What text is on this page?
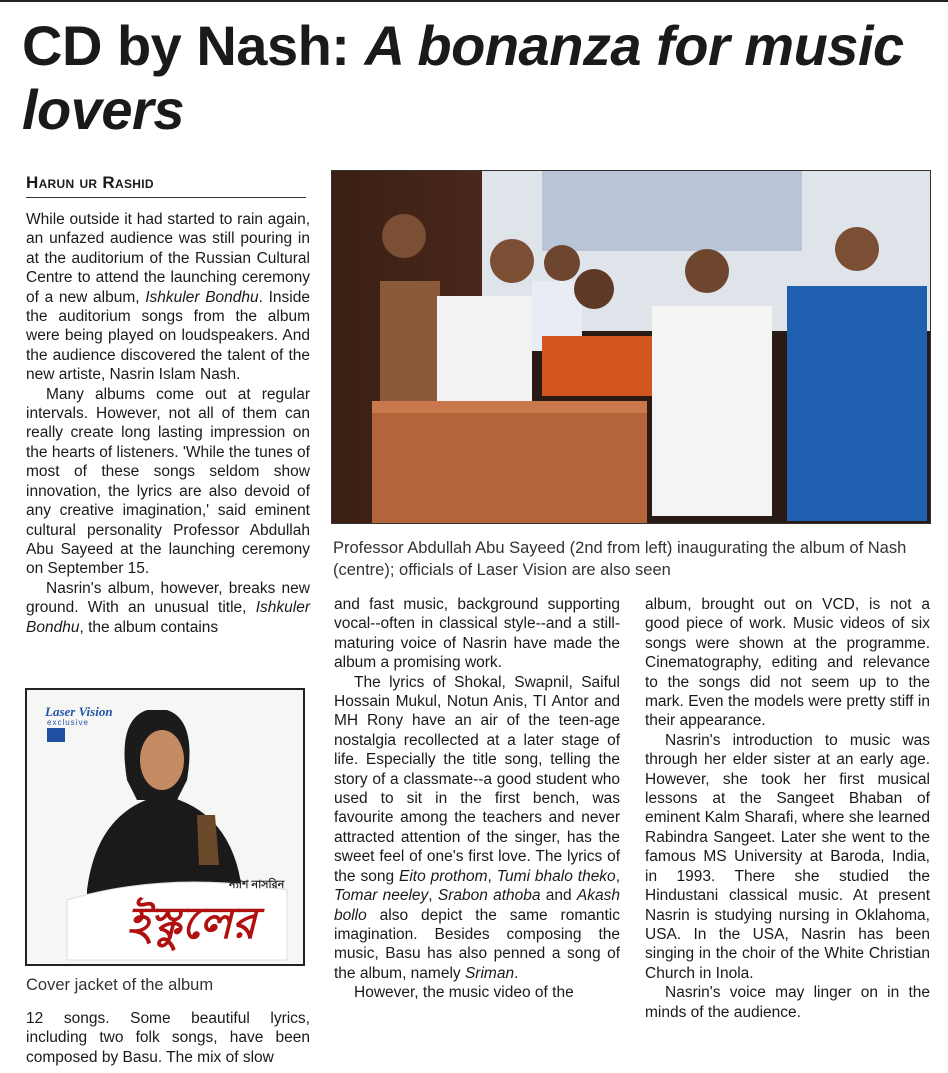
CD by Nash: A bonanza for music lovers
Harun ur Rashid

While outside it had started to rain again, an unfazed audience was still pouring in at the auditorium of the Russian Cultural Centre to attend the launching ceremony of a new album, Ishkuler Bondhu. Inside the auditorium songs from the album were being played on loudspeakers. And the audience discovered the talent of the new artiste, Nasrin Islam Nash.

Many albums come out at regular intervals. However, not all of them can really create long lasting impression on the hearts of listeners. 'While the tunes of most of these songs seldom show innovation, the lyrics are also devoid of any creative imagination,' said eminent cultural personality Professor Abdullah Abu Sayeed at the launching ceremony on September 15.

Nasrin's album, however, breaks new ground. With an unusual title, Ishkuler Bondhu, the album contains

Laser Vision
exclusive
ন্যাশ নাসরিন
ইস্কুলের
Cover jacket of the album

12 songs. Some beautiful lyrics, including two folk songs, have been composed by Basu. The mix of slow

Professor Abdullah Abu Sayeed (2nd from left) inaugurating the album of Nash (centre); officials of Laser Vision are also seen

and fast music, background supporting vocal--often in classical style--and a still-maturing voice of Nasrin have made the album a promising work.

The lyrics of Shokal, Swapnil, Saiful Hossain Mukul, Notun Anis, TI Antor and MH Rony have an air of the teen-age nostalgia recollected at a later stage of life. Especially the title song, telling the story of a classmate--a good student who used to sit in the first bench, was favourite among the teachers and never attracted attention of the singer, has the sweet feel of one's first love. The lyrics of the song Eito prothom, Tumi bhalo theko, Tomar neeley, Srabon athoba and Akash bollo also depict the same romantic imagination. Besides composing the music, Basu has also penned a song of the album, namely Sriman.

However, the music video of the

album, brought out on VCD, is not a good piece of work. Music videos of six songs were shown at the programme. Cinematography, editing and relevance to the songs did not seem up to the mark. Even the models were pretty stiff in their appearance.

Nasrin's introduction to music was through her elder sister at an early age. However, she took her first musical lessons at the Sangeet Bhaban of eminent Kalm Sharafi, where she learned Rabindra Sangeet. Later she went to the famous MS University at Baroda, India, in 1993. There she studied the Hindustani classical music. At present Nasrin is studying nursing in Oklahoma, USA. In the USA, Nasrin has been singing in the choir of the White Christian Church in Inola.

Nasrin's voice may linger on in the minds of the audience.
